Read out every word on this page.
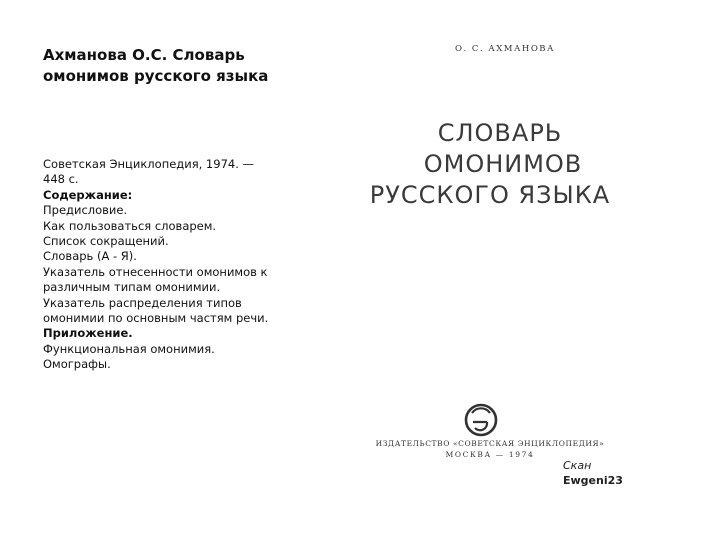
Ахманова О.С. Словарь
омонимов русского языка
Советская Энциклопедия, 1974. —
448 с.
Содержание:
Предисловие.
Как пользоваться словарем.
Список сокращений.
Словарь (А - Я).
Указатель отнесенности омонимов к
различным типам омонимии.
Указатель распределения типов
омонимии по основным частям речи.
Приложение.
Функциональная омонимия.
Омографы.
О. С. АХМАНОВА
СЛОВАРЬ
ОМОНИМОВ
РУССКОГО ЯЗЫКА
ИЗДАТЕЛЬСТВО «СОВЕТСКАЯ ЭНЦИКЛОПЕДИЯ»
МОСКВА — 1974
Скан
Ewgeni23
